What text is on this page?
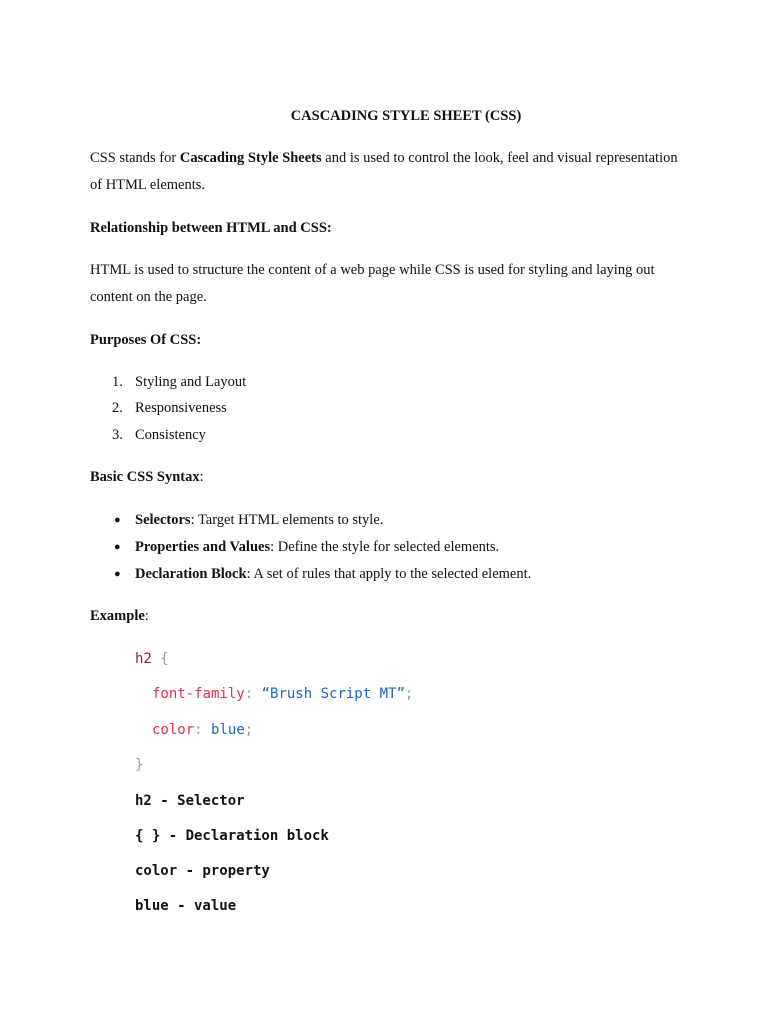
CASCADING STYLE SHEET (CSS)
CSS stands for Cascading Style Sheets and is used to control the look, feel and visual representation of HTML elements.
Relationship between HTML and CSS:
HTML is used to structure the content of a web page while CSS is used for styling and laying out content on the page.
Purposes Of CSS:
1. Styling and Layout
2. Responsiveness
3. Consistency
Basic CSS Syntax:
● Selectors: Target HTML elements to style.
● Properties and Values: Define the style for selected elements.
● Declaration Block: A set of rules that apply to the selected element.
Example:
h2 {
font-family: “Brush Script MT”;
color: blue;
}
h2 - Selector
{ } - Declaration block
color - property
blue - value
